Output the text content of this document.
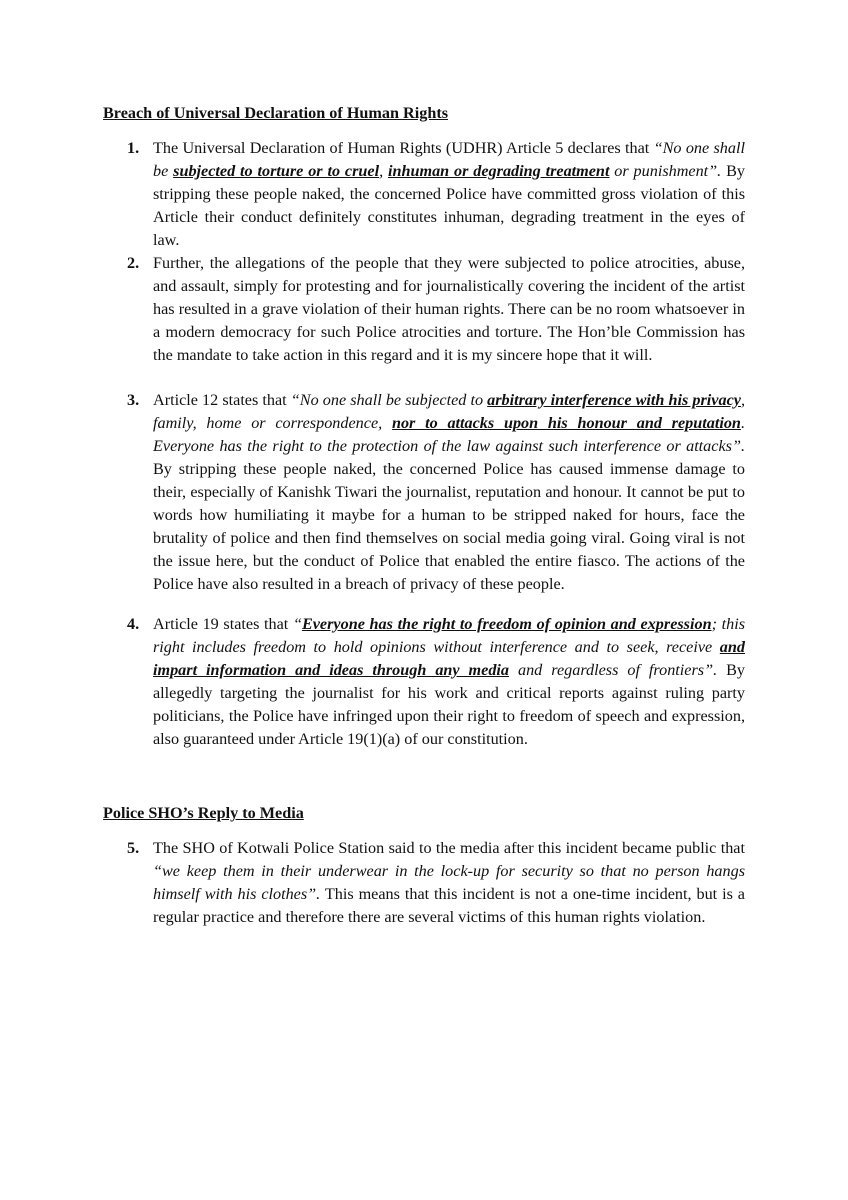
Breach of Universal Declaration of Human Rights
1. The Universal Declaration of Human Rights (UDHR) Article 5 declares that “No one shall be subjected to torture or to cruel, inhuman or degrading treatment or punishment”. By stripping these people naked, the concerned Police have committed gross violation of this Article their conduct definitely constitutes inhuman, degrading treatment in the eyes of law.

2. Further, the allegations of the people that they were subjected to police atrocities, abuse, and assault, simply for protesting and for journalistically covering the incident of the artist has resulted in a grave violation of their human rights. There can be no room whatsoever in a modern democracy for such Police atrocities and torture. The Hon’ble Commission has the mandate to take action in this regard and it is my sincere hope that it will.

3. Article 12 states that “No one shall be subjected to arbitrary interference with his privacy, family, home or correspondence, nor to attacks upon his honour and reputation. Everyone has the right to the protection of the law against such interference or attacks”. By stripping these people naked, the concerned Police has caused immense damage to their, especially of Kanishk Tiwari the journalist, reputation and honour. It cannot be put to words how humiliating it maybe for a human to be stripped naked for hours, face the brutality of police and then find themselves on social media going viral. Going viral is not the issue here, but the conduct of Police that enabled the entire fiasco. The actions of the Police have also resulted in a breach of privacy of these people.

4. Article 19 states that “Everyone has the right to freedom of opinion and expression; this right includes freedom to hold opinions without interference and to seek, receive and impart information and ideas through any media and regardless of frontiers”. By allegedly targeting the journalist for his work and critical reports against ruling party politicians, the Police have infringed upon their right to freedom of speech and expression, also guaranteed under Article 19(1)(a) of our constitution.

Police SHO’s Reply to Media
5. The SHO of Kotwali Police Station said to the media after this incident became public that “we keep them in their underwear in the lock-up for security so that no person hangs himself with his clothes”. This means that this incident is not a one-time incident, but is a regular practice and therefore there are several victims of this human rights violation.
